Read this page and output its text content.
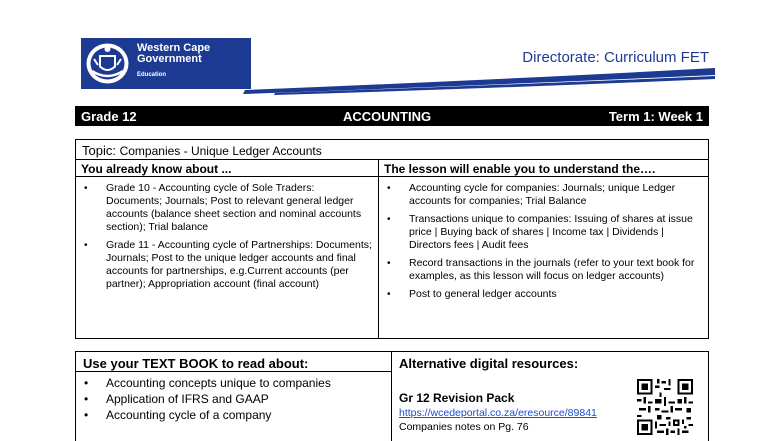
Western Cape
Government
Education
Directorate: Curriculum FET
Grade 12	ACCOUNTING	Term 1: Week 1
Topic: Companies - Unique Ledger Accounts
You already know about ...
• Grade 10 - Accounting cycle of Sole Traders: Documents; Journals; Post to relevant general ledger accounts (balance sheet section and nominal accounts section); Trial balance
• Grade 11 - Accounting cycle of Partnerships: Documents; Journals; Post to the unique ledger accounts and final accounts for partnerships, e.g.Current accounts (per partner); Appropriation account (final account)
The lesson will enable you to understand the….
• Accounting cycle for companies: Journals; unique Ledger accounts for companies; Trial Balance
• Transactions unique to companies: Issuing of shares at issue price | Buying back of shares | Income tax | Dividends | Directors fees | Audit fees
• Record transactions in the journals (refer to your text book for examples, as this lesson will focus on ledger accounts)
• Post to general ledger accounts
Use your TEXT BOOK to read about:
• Accounting concepts unique to companies
• Application of IFRS and GAAP
• Accounting cycle of a company
Alternative digital resources:
Gr 12 Revision Pack
https://wcedeportal.co.za/eresource/89841
Companies notes on Pg. 76
